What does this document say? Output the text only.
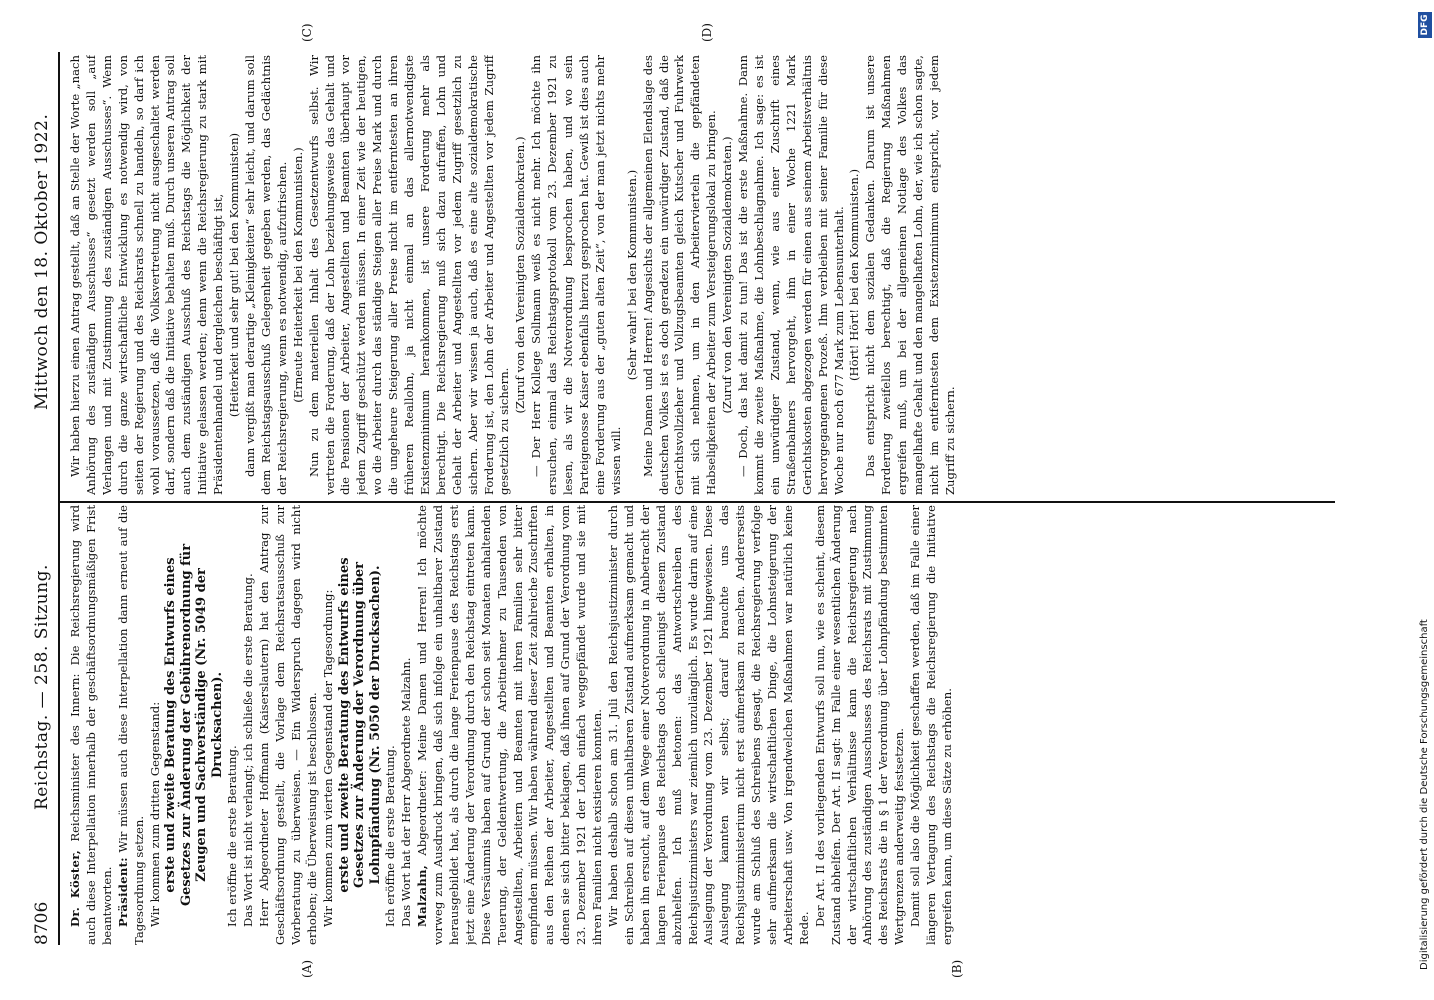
8706
Reichstag. — 258. Sitzung.
Mittwoch den 18. Oktober 1922.

Dr. Köster, Reichsminister des Innern: Die Reichsregierung wird auch diese Interpellation innerhalb der geschäftsordnungsmäßigen Frist beantworten. Präsident: Wir müssen auch diese Interpellation dann erneut auf die Tagesordnung setzen. Wir kommen zum dritten Gegenstand: erste und zweite Beratung des Entwurfs eines Gesetzes zur Änderung der Gebührenordnung für Zeugen und Sachverständige (Nr. 5049 der Drucksachen).

Ich eröffne die erste Beratung. Das Wort ist nicht verlangt; ich schließe die erste Beratung. Herr Abgeordneter Hoffmann (Kaiserslautern) hat den Antrag zur Geschäftsordnung gestellt, die Vorlage dem Reichsratsausschuß zur Vorberatung zu überweisen. — Ein Widerspruch dagegen wird nicht erhoben; die Überweisung ist beschlossen. Wir kommen zum vierten Gegenstand der Tagesordnung: erste und zweite Beratung des Entwurfs eines Gesetzes zur Änderung der Verordnung über Lohnpfändung (Nr. 5050 der Drucksachen). Ich eröffne die erste Beratung. Das Wort hat der Herr Abgeordnete Malzahn. Malzahn, Abgeordneter: Meine Damen und Herren! Ich möchte vorweg zum Ausdruck bringen, daß sich infolge ein unhaltbarer Zustand herausgebildet hat, als durch die lange Ferienpause des Reichstags erst jetzt eine Änderung der Verordnung durch den Reichstag eintreten kann. Diese Versäumnis haben auf Grund der schon seit Monaten anhaltenden Teuerung, der Geldentwertung, die Arbeitnehmer zu Tausenden von Angestellten, Arbeitern und Beamten mit ihren Familien sehr bitter empfinden müssen. Wir haben während dieser Zeit zahlreiche Zuschriften aus den Reihen der Arbeiter, Angestellten und Beamten erhalten, in denen sie sich bitter beklagen, daß ihnen auf Grund der Verordnung vom 23. Dezember 1921 der Lohn einfach weggepfändet wurde und sie mit ihren Familien nicht existieren konnten. Wir haben deshalb schon am 31. Juli den Reichsjustizminister durch ein Schreiben auf diesen unhaltbaren Zustand aufmerksam gemacht und haben ihn ersucht, auf dem Wege einer Notverordnung in Anbetracht der langen Ferienpause des Reichstags doch schleunigst diesem Zustand abzuhelfen. Ich muß betonen: das Antwortschreiben des Reichsjustizministers war ziemlich unzulänglich. Es wurde darin auf eine Auslegung der Verordnung vom 23. Dezember 1921 hingewiesen. Diese Auslegung kannten wir selbst; darauf brauchte uns das Reichsjustizministerium nicht erst aufmerksam zu machen. Andererseits wurde am Schluß des Schreibens gesagt, die Reichsregierung verfolge sehr aufmerksam die wirtschaftlichen Dinge, die Lohnsteigerung der Arbeiterschaft usw. Von irgendwelchen Maßnahmen war natürlich keine Rede.

Der Art. II des vorliegenden Entwurfs soll nun, wie es scheint, diesem Zustand abhelfen. Der Art. II sagt: Im Falle einer wesentlichen Änderung der wirtschaftlichen Verhältnisse kann die Reichsregierung nach Anhörung des zuständigen Ausschusses des Reichsrats mit Zustimmung des Reichsrats die in § 1 der Verordnung über Lohnpfändung bestimmten Wertgrenzen anderweitig festsetzen. Damit soll also die Möglichkeit geschaffen werden, daß im Falle einer längeren Vertagung des Reichstags die Reichsregierung die Initiative ergreifen kann, um diese Sätze zu erhöhen.

Wir haben hierzu einen Antrag gestellt, daß an Stelle der Worte „nach Anhörung des zuständigen Ausschusses“ gesetzt werden soll „auf Verlangen und mit Zustimmung des zuständigen Ausschusses“. Wenn durch die ganze wirtschaftliche Entwicklung es notwendig wird, von seiten der Regierung und des Reichsrats schnell zu handeln, so darf ich wohl voraussetzen, daß die Volksvertretung nicht ausgeschaltet werden darf, sondern daß die Initiative behalten muß. Durch unseren Antrag soll auch dem zuständigen Ausschuß des Reichstags die Möglichkeit der Initiative gelassen werden; denn wenn die Reichsregierung zu stark mit Präsidentenhandel und dergleichen beschäftigt ist, (Heiterkeit und sehr gut! bei den Kommunisten) dann vergißt man derartige „Kleinigkeiten“ sehr leicht, und darum soll dem Reichstagsausschuß Gelegenheit gegeben werden, das Gedächtnis der Reichsregierung, wenn es notwendig, aufzufrischen. (Erneute Heiterkeit bei den Kommunisten.) Nun zu dem materiellen Inhalt des Gesetzentwurfs selbst. Wir vertreten die Forderung, daß der Lohn beziehungsweise das Gehalt und die Pensionen der Arbeiter, Angestellten und Beamten überhaupt vor jedem Zugriff geschützt werden müssen. In einer Zeit wie der heutigen, wo die Arbeiter durch das ständige Steigen aller Preise Mark und durch die ungeheure Steigerung aller Preise nicht im entferntesten an ihren früheren Reallohn, ja nicht einmal an das allernotwendigste Existenzminimum herankommen, ist unsere Forderung mehr als berechtigt. Die Reichsregierung muß sich dazu aufraffen, Lohn und Gehalt der Arbeiter und Angestellten vor jedem Zugriff gesetzlich zu sichern. Aber wir wissen ja auch, daß es eine alte sozialdemokratische Forderung ist, den Lohn der Arbeiter und Angestellten vor jedem Zugriff gesetzlich zu sichern.

(Zuruf von den Vereinigten Sozialdemokraten.) — Der Herr Kollege Sollmann weiß es nicht mehr. Ich möchte ihn ersuchen, einmal das Reichstagsprotokoll vom 23. Dezember 1921 zu lesen, als wir die Notverordnung besprochen haben, und wo sein Parteigenosse Kaiser ebenfalls hierzu gesprochen hat. Gewiß ist dies auch eine Forderung aus der „guten alten Zeit“, von der man jetzt nichts mehr wissen will.

(Sehr wahr! bei den Kommunisten.) Meine Damen und Herren! Angesichts der allgemeinen Elendslage des deutschen Volkes ist es doch geradezu ein unwürdiger Zustand, daß die Gerichtsvollzieher und Vollzugsbeamten gleich Kutscher und Fuhrwerk mit sich nehmen, um in den Arbeitervierteln die gepfändeten Habseligkeiten der Arbeiter zum Versteigerungslokal zu bringen. (Zuruf von den Vereinigten Sozialdemokraten.) — Doch, das hat damit zu tun! Das ist die erste Maßnahme. Dann kommt die zweite Maßnahme, die Lohnbeschlagnahme. Ich sage: es ist ein unwürdiger Zustand, wenn, wie aus einer Zuschrift eines Straßenbahners hervorgeht, ihm in einer Woche 1221 Mark Gerichtskosten abgezogen werden für einen aus seinem Arbeitsverhältnis hervorgegangenen Prozeß. Ihm verbleiben mit seiner Familie für diese Woche nur noch 677 Mark zum Lebensunterhalt. (Hört! Hört! bei den Kommunisten.) Das entspricht nicht dem sozialen Gedanken. Darum ist unsere Forderung zweifellos berechtigt, daß die Regierung Maßnahmen ergreifen muß, um bei der allgemeinen Notlage des Volkes das mangelhafte Gehalt und den mangelhaften Lohn, der, wie ich schon sagte, nicht im entferntesten dem Existenzminimum entspricht, vor jedem Zugriff zu sichern.

(A)	(B)
(C)	(D)
Digitalisierung gefördert durch die Deutsche Forschungsgemeinschaft
DFG
